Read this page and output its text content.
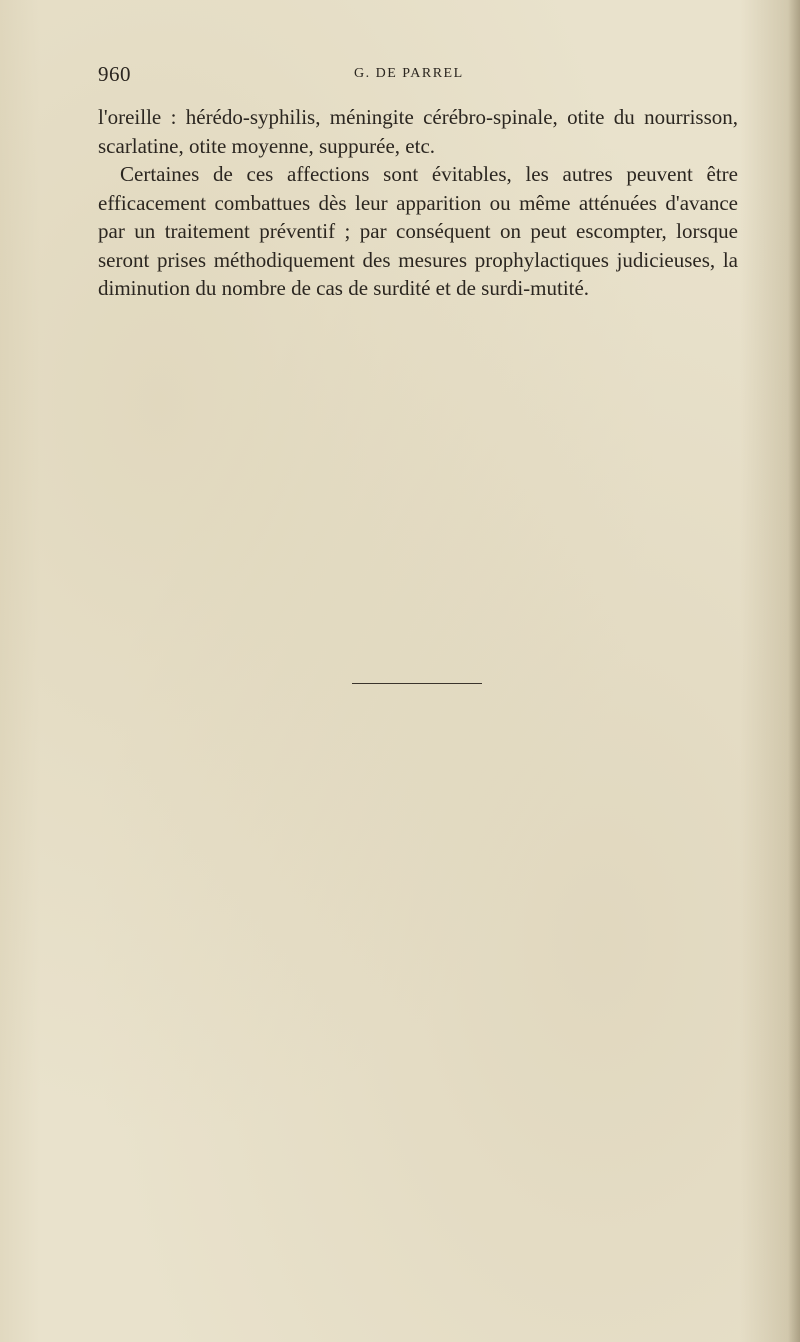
960	G. DE PARREL

l'oreille : hérédo-syphilis, méningite cérébro-spinale, otite du nourrisson, scarlatine, otite moyenne, suppurée, etc.

Certaines de ces affections sont évitables, les autres peuvent être efficacement combattues dès leur apparition ou même atténuées d'avance par un traitement préventif ; par conséquent on peut escompter, lorsque seront prises méthodiquement des mesures prophylactiques judicieuses, la diminution du nombre de cas de surdité et de surdi-mutité.
